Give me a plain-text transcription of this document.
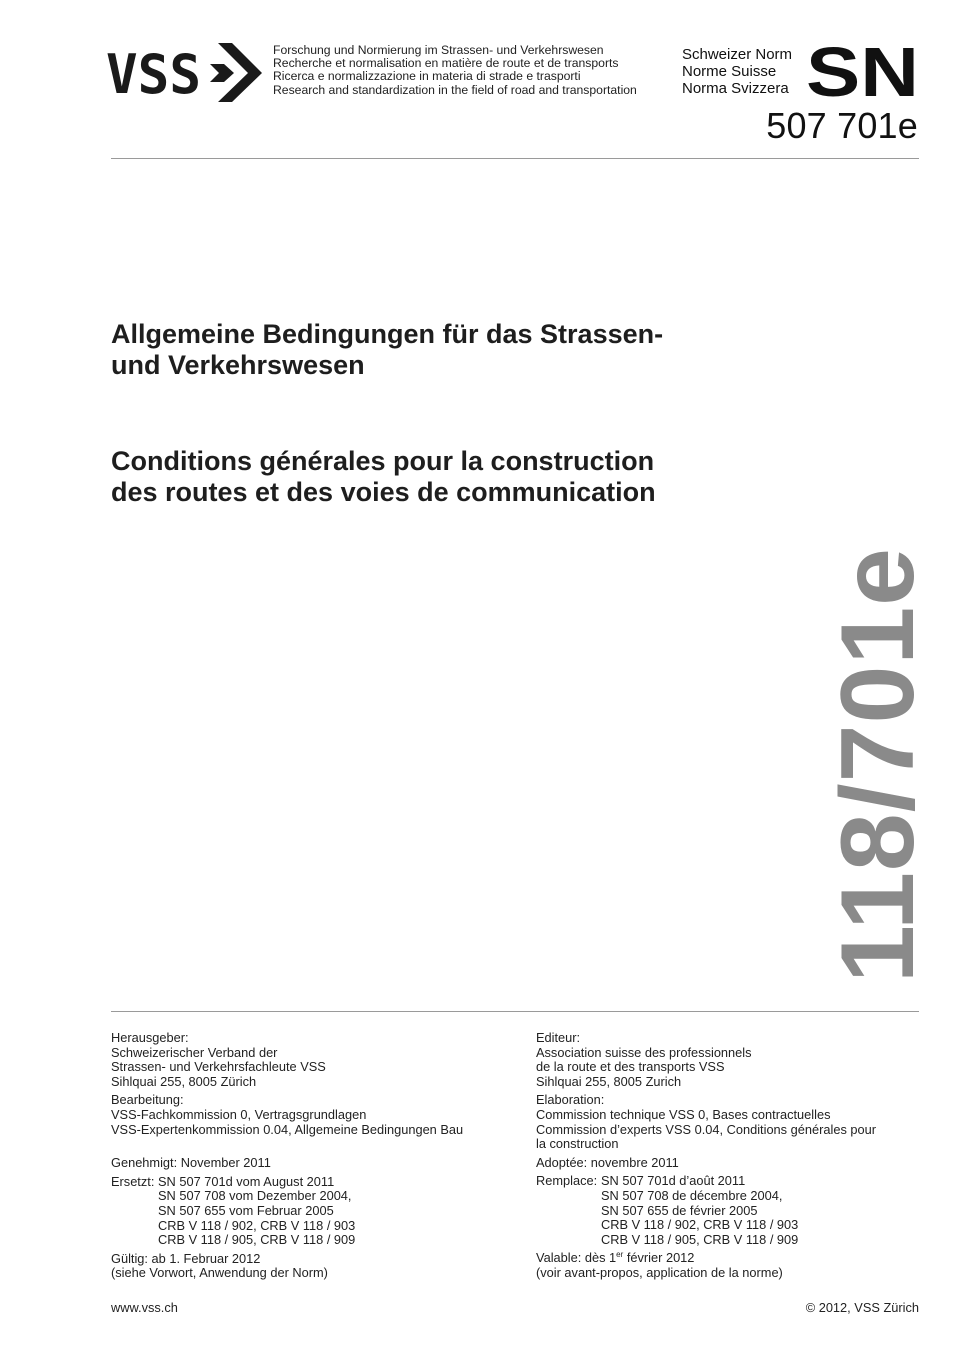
VSS	Forschung und Normierung im Strassen- und Verkehrswesen
Recherche et normalisation en matière de route et de transports
Ricerca e normalizzazione in materia di strade e trasporti
Research and standardization in the field of road and transportation
Schweizer Norm
Norme Suisse
Norma Svizzera SN
507 701e
Allgemeine Bedingungen für das Strassen-
und Verkehrswesen
Conditions générales pour la construction
des routes et des voies de communication
118/701e
Herausgeber:
Schweizerischer Verband der
Strassen- und Verkehrsfachleute VSS
Sihlquai 255, 8005 Zürich
Bearbeitung:
VSS-Fachkommission 0, Vertragsgrundlagen
VSS-Expertenkommission 0.04, Allgemeine Bedingungen Bau
Genehmigt: November 2011
Ersetzt: SN 507 701d vom August 2011
SN 507 708 vom Dezember 2004,
SN 507 655 vom Februar 2005
CRB V 118 / 902, CRB V 118 / 903
CRB V 118 / 905, CRB V 118 / 909
Gültig: ab 1. Februar 2012
(siehe Vorwort, Anwendung der Norm)
Editeur:
Association suisse des professionnels
de la route et des transports VSS
Sihlquai 255, 8005 Zurich
Elaboration:
Commission technique VSS 0, Bases contractuelles
Commission d’experts VSS 0.04, Conditions générales pour
la construction
Adoptée: novembre 2011
Remplace: SN 507 701d d’août 2011
SN 507 708 de décembre 2004,
SN 507 655 de février 2005
CRB V 118 / 902, CRB V 118 / 903
CRB V 118 / 905, CRB V 118 / 909
Valable: dès 1er février 2012
(voir avant-propos, application de la norme)
www.vss.ch	© 2012, VSS Zürich
